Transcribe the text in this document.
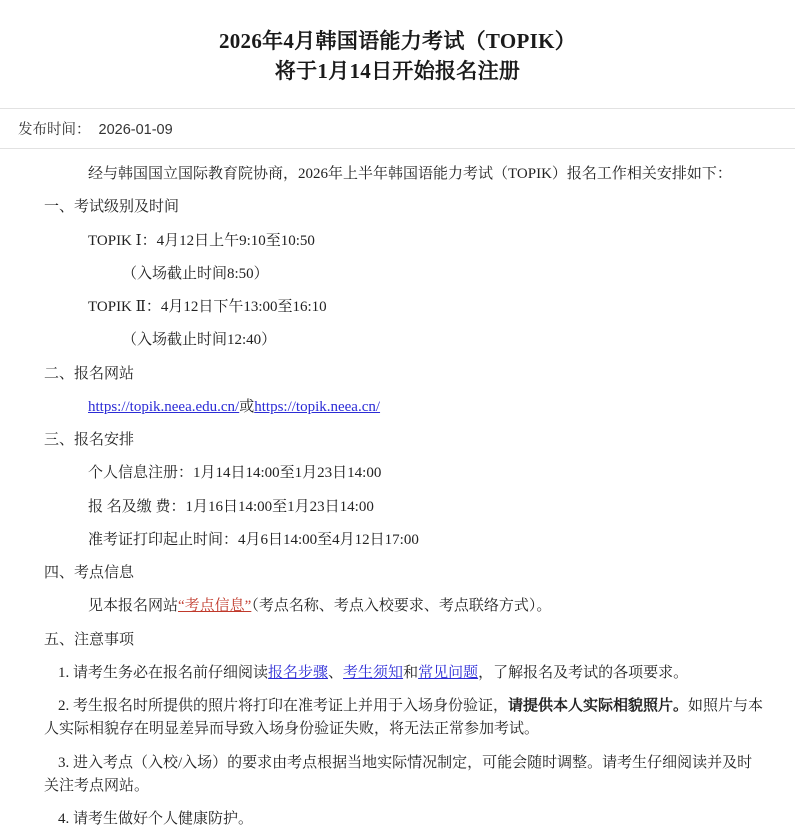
2026年4月韩国语能力考试（TOPIK）
将于1月14日开始报名注册
发布时间： 2026-01-09

经与韩国国立国际教育院协商，2026年上半年韩国语能力考试（TOPIK）报名工作相关安排如下：

一、考试级别及时间

TOPIK Ⅰ：4月12日上午9:10至10:50

（入场截止时间8:50）

TOPIK Ⅱ：4月12日下午13:00至16:10

（入场截止时间12:40）

二、报名网站

https://topik.neea.edu.cn/或https://topik.neea.cn/

三、报名安排

个人信息注册：1月14日14:00至1月23日14:00

报 名及缴 费：1月16日14:00至1月23日14:00

准考证打印起止时间：4月6日14:00至4月12日17:00

四、考点信息

见本报名网站“考点信息”（考点名称、考点入校要求、考点联络方式）。

五、注意事项

1. 请考生务必在报名前仔细阅读报名步骤、考生须知和常见问题，了解报名及考试的各项要求。

2. 考生报名时所提供的照片将打印在准考证上并用于入场身份验证，请提供本人实际相貌照片。如照片与本人实际相貌存在明显差异而导致入场身份验证失败，将无法正常参加考试。

3. 进入考点（入校/入场）的要求由考点根据当地实际情况制定，可能会随时调整。请考生仔细阅读并及时关注考点网站。

4. 请考生做好个人健康防护。
